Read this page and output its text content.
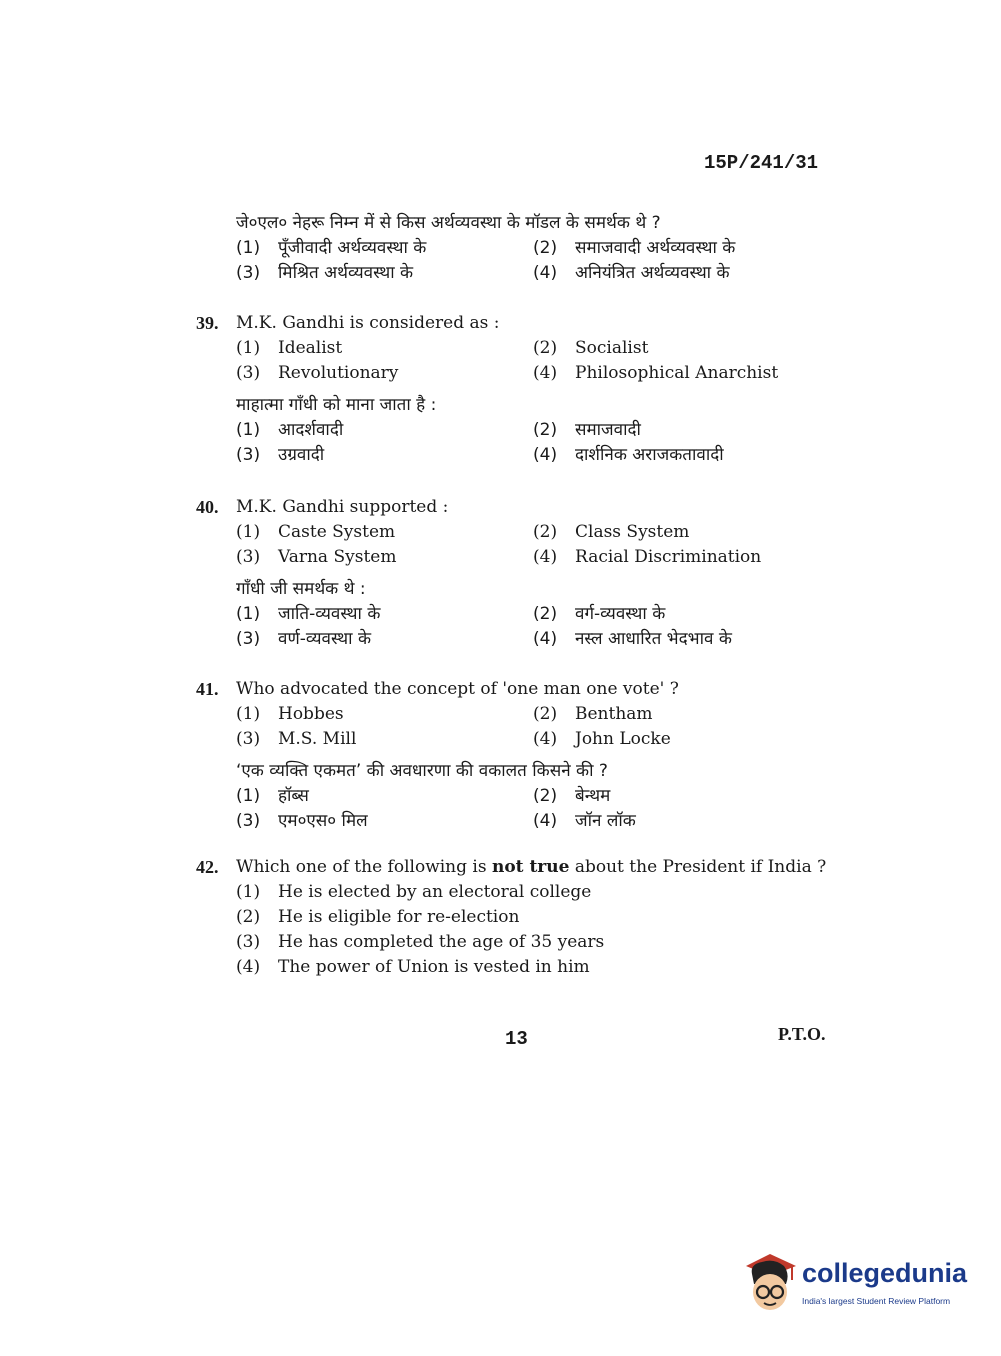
15P/241/31
जे०एल० नेहरू निम्न में से किस अर्थव्यवस्था के मॉडल के समर्थक थे ?
(1) पूँजीवादी अर्थव्यवस्था के	(2) समाजवादी अर्थव्यवस्था के
(3) मिश्रित अर्थव्यवस्था के	(4) अनियंत्रित अर्थव्यवस्था के
39. M.K. Gandhi is considered as :
(1) Idealist	(2) Socialist
(3) Revolutionary	(4) Philosophical Anarchist
माहात्मा गाँधी को माना जाता है :
(1) आदर्शवादी	(2) समाजवादी
(3) उग्रवादी	(4) दार्शनिक अराजकतावादी
40. M.K. Gandhi supported :
(1) Caste System	(2) Class System
(3) Varna System	(4) Racial Discrimination
गाँधी जी समर्थक थे :
(1) जाति-व्यवस्था के	(2) वर्ग-व्यवस्था के
(3) वर्ण-व्यवस्था के	(4) नस्ल आधारित भेदभाव के
41. Who advocated the concept of 'one man one vote' ?
(1) Hobbes	(2) Bentham
(3) M.S. Mill	(4) John Locke
‘एक व्यक्ति एकमत’ की अवधारणा की वकालत किसने की ?
(1) हॉब्स	(2) बेन्थम
(3) एम०एस० मिल	(4) जॉन लॉक
42. Which one of the following is not true about the President if India ?
(1) He is elected by an electoral college
(2) He is eligible for re-election
(3) He has completed the age of 35 years
(4) The power of Union is vested in him
13	P.T.O.
collegedunia
India's largest Student Review Platform
